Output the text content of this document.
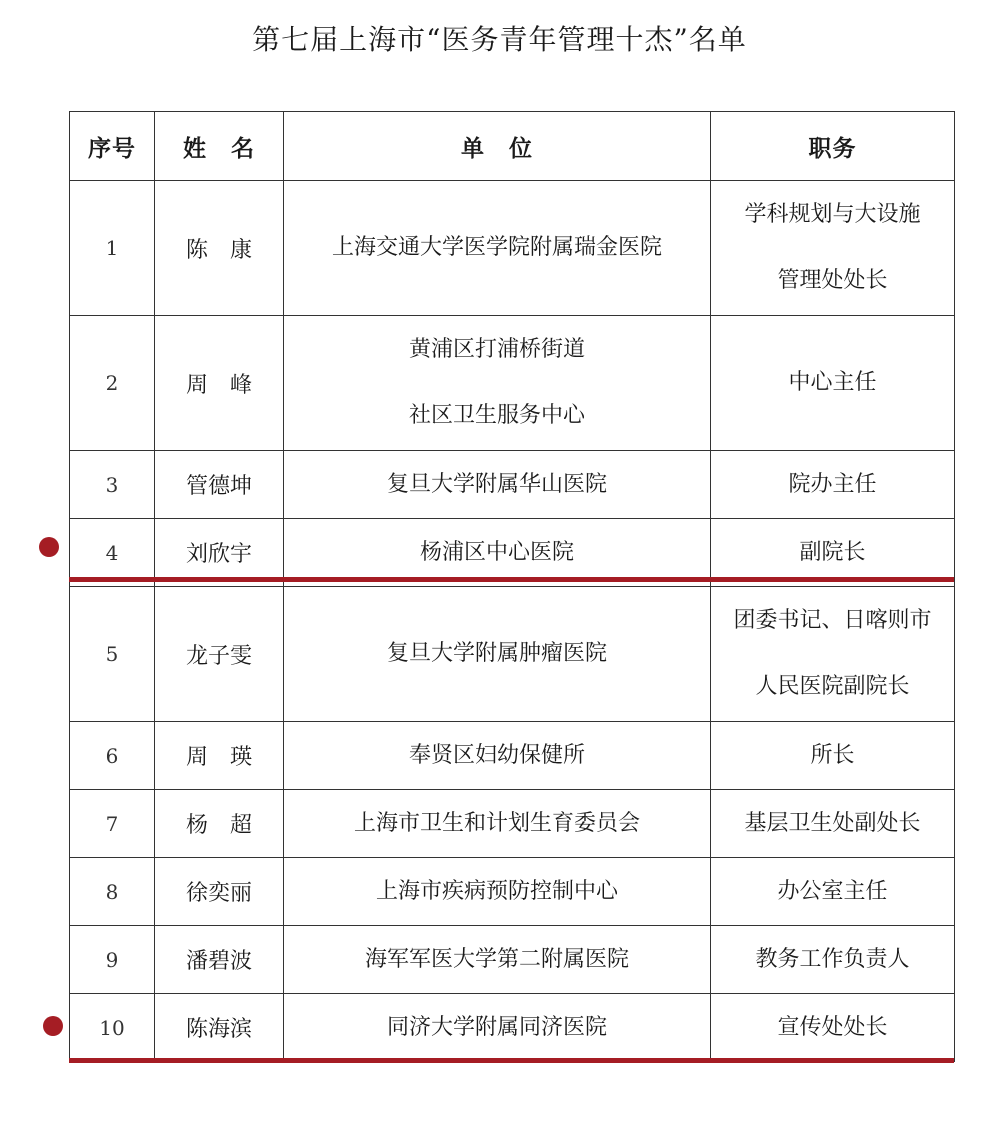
第七届上海市“医务青年管理十杰”名单
序号	姓　名	单　位	职务
1	陈　康	上海交通大学医学院附属瑞金医院	学科规划与大设施
管理处处长

2	周　峰	黄浦区打浦桥街道
社区卫生服务中心	中心主任

3	管德坤	复旦大学附属华山医院	院办主任

4	刘欣宇	杨浦区中心医院	副院长

5	龙子雯	复旦大学附属肿瘤医院	团委书记、日喀则市
人民医院副院长

6	周　瑛	奉贤区妇幼保健所	所长

7	杨　超	上海市卫生和计划生育委员会	基层卫生处副处长

8	徐奕丽	上海市疾病预防控制中心	办公室主任

9	潘碧波	海军军医大学第二附属医院	教务工作负责人

10	陈海滨	同济大学附属同济医院	宣传处处长
